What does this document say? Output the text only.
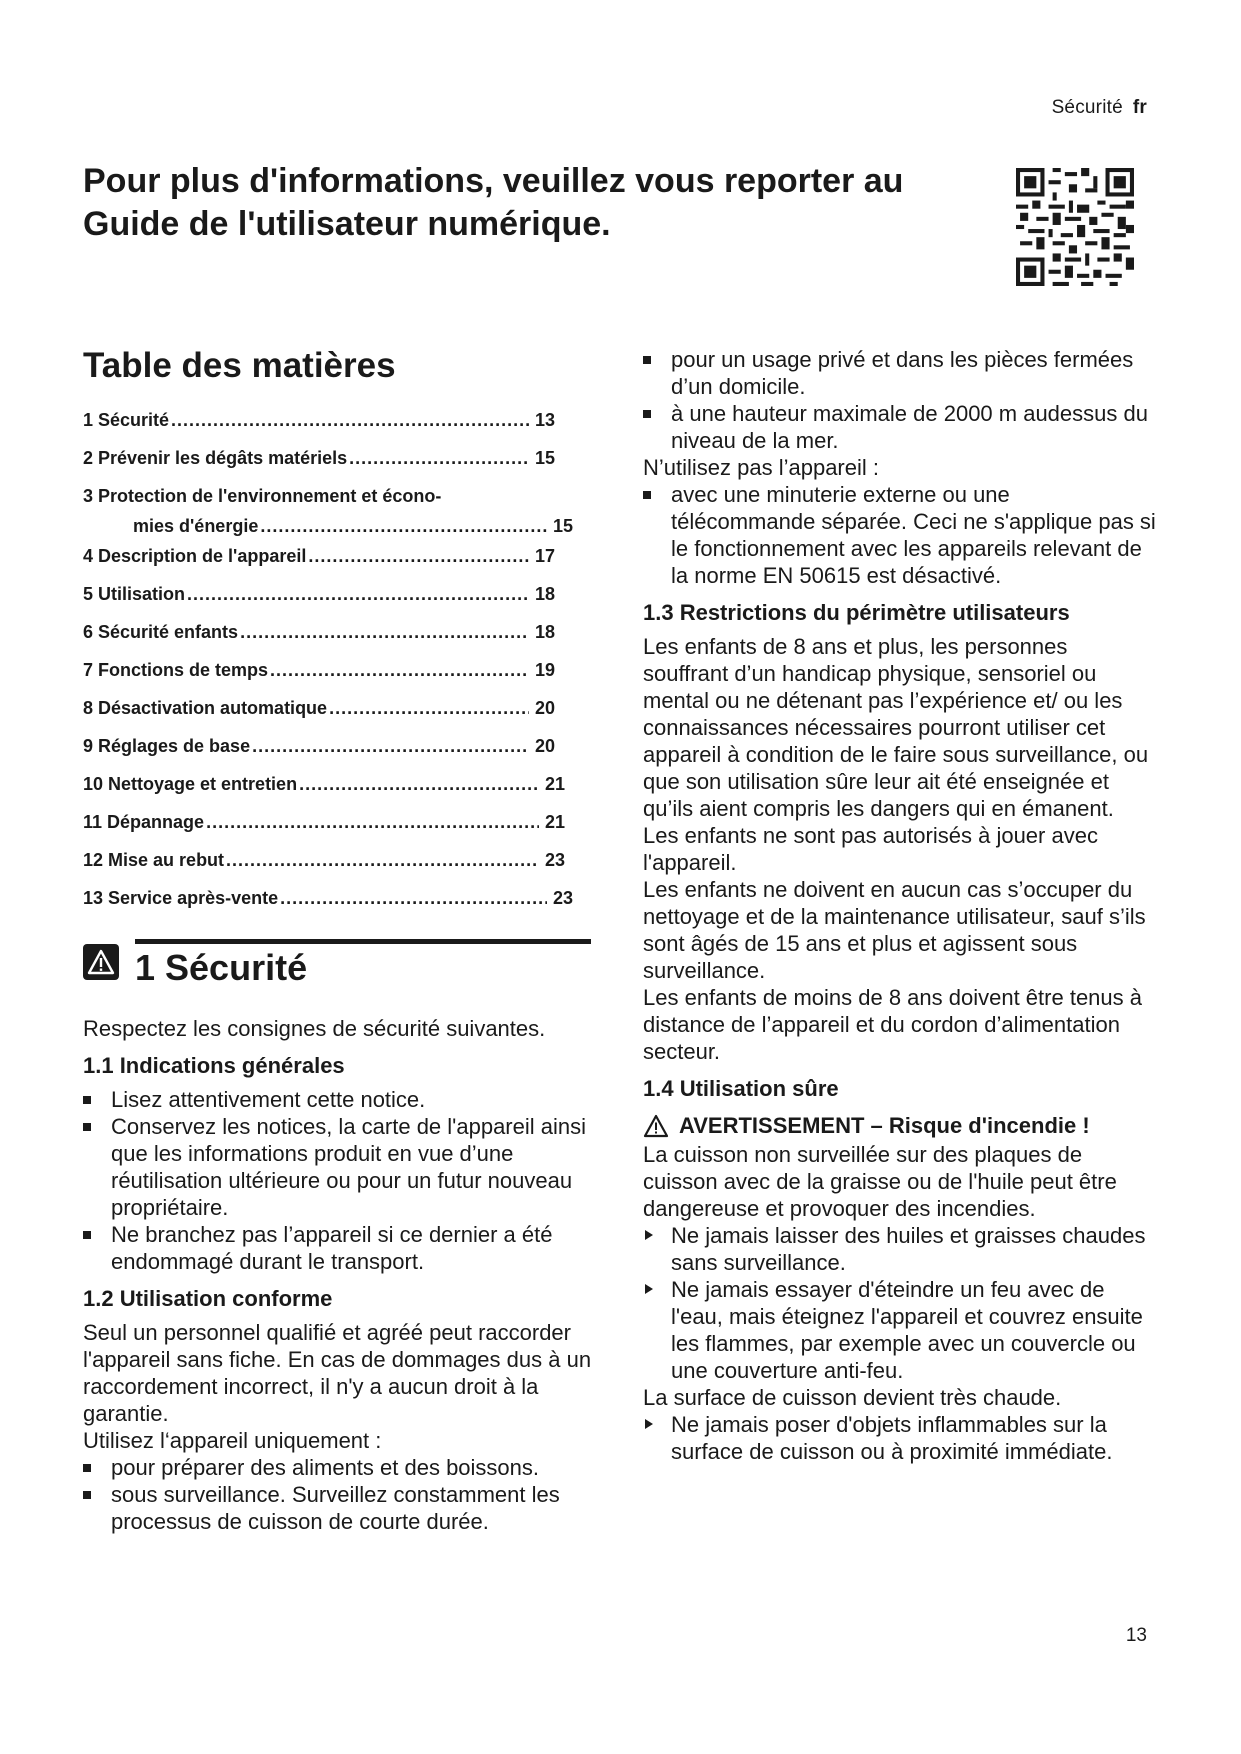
Sécurité fr
Pour plus d'informations, veuillez vous reporter au
Guide de l'utilisateur numérique.
Table des matières
1 Sécurité .....	13
2 Prévenir les dégâts matériels .....	15
3 Protection de l'environnement et écono-
mies d'énergie .....	15
4 Description de l'appareil .....	17
5 Utilisation .....	18
6 Sécurité enfants .....	18
7 Fonctions de temps .....	19
8 Désactivation automatique .....	20
9 Réglages de base .....	20
10 Nettoyage et entretien .....	21
11 Dépannage .....	21
12 Mise au rebut .....	23
13 Service après-vente .....	23
1 Sécurité

Respectez les consignes de sécurité suivantes.

1.1 Indications générales
Lisez attentivement cette notice.
Conservez les notices, la carte de l'appareil ainsi que les informations produit en vue d’une réutilisation ultérieure ou pour un futur nouveau propriétaire.
Ne branchez pas l’appareil si ce dernier a été endommagé durant le transport.
1.2 Utilisation conforme

Seul un personnel qualifié et agréé peut raccorder l'appareil sans fiche. En cas de dommages dus à un raccordement incorrect, il n'y a aucun droit à la garantie.

Utilisez l‘appareil uniquement :

pour préparer des aliments et des boissons.
sous surveillance. Surveillez constamment les processus de cuisson de courte durée.
pour un usage privé et dans les pièces fermées d’un domicile.
à une hauteur maximale de 2000 m audessus du niveau de la mer.

N’utilisez pas l’appareil :

avec une minuterie externe ou une télécommande séparée. Ceci ne s'applique pas si le fonctionnement avec les appareils relevant de la norme EN 50615 est désactivé.
1.3 Restrictions du périmètre utilisateurs

Les enfants de 8 ans et plus, les personnes souffrant d’un handicap physique, sensoriel ou mental ou ne détenant pas l’expérience et/ ou les connaissances nécessaires pourront utiliser cet appareil à condition de le faire sous surveillance, ou que son utilisation sûre leur ait été enseignée et qu’ils aient compris les dangers qui en émanent.

Les enfants ne sont pas autorisés à jouer avec l'appareil.

Les enfants ne doivent en aucun cas s’occuper du nettoyage et de la maintenance utilisateur, sauf s’ils sont âgés de 15 ans et plus et agissent sous surveillance.

Les enfants de moins de 8 ans doivent être tenus à distance de l’appareil et du cordon d’alimentation secteur.

1.4 Utilisation sûre
AVERTISSEMENT – Risque d'incendie !

La cuisson non surveillée sur des plaques de cuisson avec de la graisse ou de l'huile peut être dangereuse et provoquer des incendies.

Ne jamais laisser des huiles et graisses chaudes sans surveillance.
Ne jamais essayer d'éteindre un feu avec de l'eau, mais éteignez l'appareil et couvrez ensuite les flammes, par exemple avec un couvercle ou une couverture anti-feu.

La surface de cuisson devient très chaude.

Ne jamais poser d'objets inflammables sur la surface de cuisson ou à proximité immédiate.
13
